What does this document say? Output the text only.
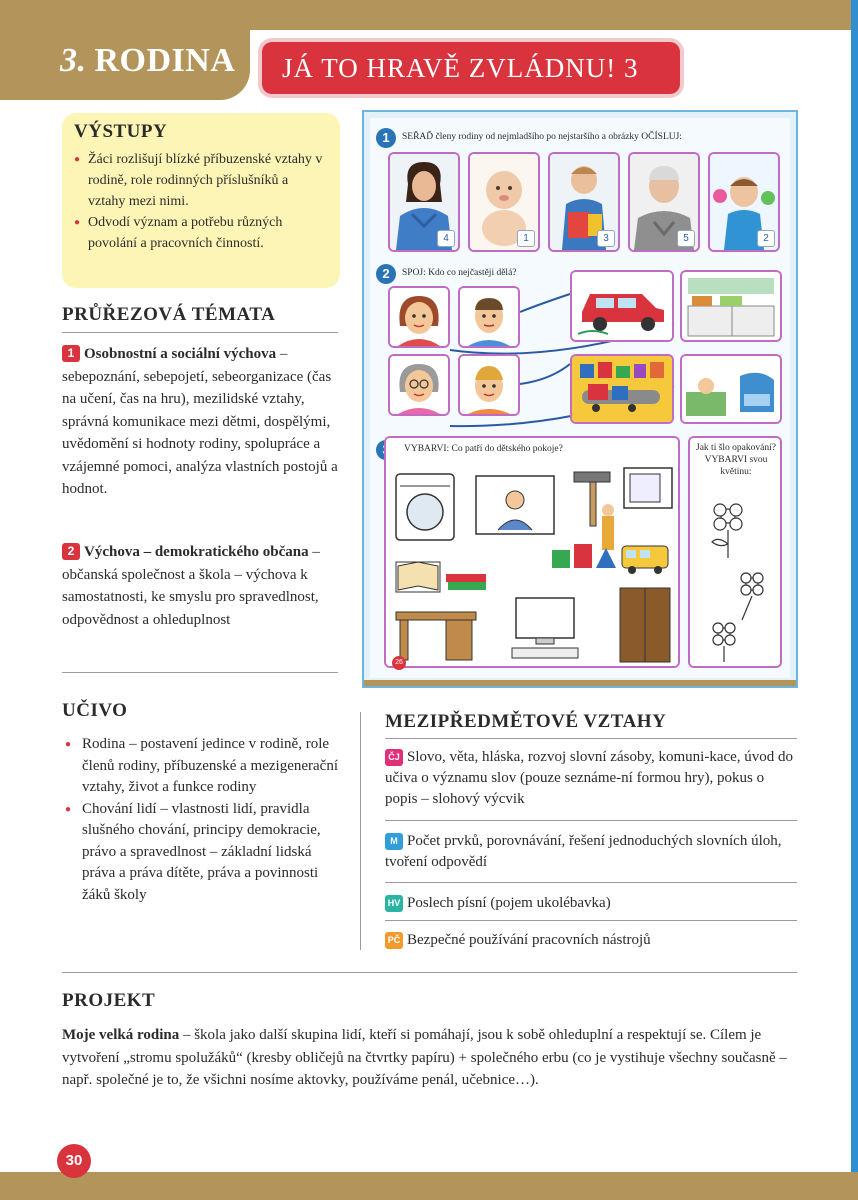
3. RODINA	JÁ TO HRAVĚ ZVLÁDNU! 3
VÝSTUPY
● Žáci rozlišují blízké příbuzenské vztahy v rodině, role rodinných příslušníků a vztahy mezi nimi.
● Odvodí význam a potřebu různých povolání a pracovních činností.
PRŮŘEZOVÁ TÉMATA
1 Osobnostní a sociální výchova – sebepoznání, sebepojetí, sebeorganizace (čas na učení, čas na hru), mezilidské vztahy, správná komunikace mezi dětmi, dospělými, uvědomění si hodnoty rodiny, spolupráce a vzájemné pomoci, analýza vlastních postojů a hodnot.
2 Výchova – demokratického občana – občanská společnost a škola – výchova k samostatnosti, ke smyslu pro spravedlnost, odpovědnost a ohleduplnost
UČIVO
● Rodina – postavení jedince v rodině, role členů rodiny, příbuzenské a mezigenerační vztahy, život a funkce rodiny
● Chování lidí – vlastnosti lidí, pravidla slušného chování, principy demokracie, právo a spravedlnost – základní lidská práva a práva dítěte, práva a povinnosti žáků školy
MEZIPŘEDMĚTOVÉ VZTAHY
ČJ Slovo, věta, hláska, rozvoj slovní zásoby, komuni-kace, úvod do učiva o významu slov (pouze seznáme-ní formou hry), pokus o popis – slohový výcvik
M Počet prvků, porovnávání, řešení jednoduchých slovních úloh, tvoření odpovědí
HV Poslech písní (pojem ukolébavka)
PČ Bezpečné používání pracovních nástrojů
PROJEKT
Moje velká rodina – škola jako další skupina lidí, kteří si pomáhají, jsou k sobě ohleduplní a respektují se. Cílem je vytvoření „stromu spolužáků“ (kresby obličejů na čtvrtky papíru) + společného erbu (co je vystihuje všechny současně – např. společné je to, že všichni nosíme aktovky, používáme penál, učebnice…).
30
1	SEŘAĎ členy rodiny od nejmladšího po nejstaršího a obrázky OČÍSLUJ:
4	1	3	5	2
2	SPOJ: Kdo co nejčastěji dělá?
VYBARVI: Co patří do dětského pokoje?	Jak ti šlo opakování? VYBARVI svou květinu:
26
